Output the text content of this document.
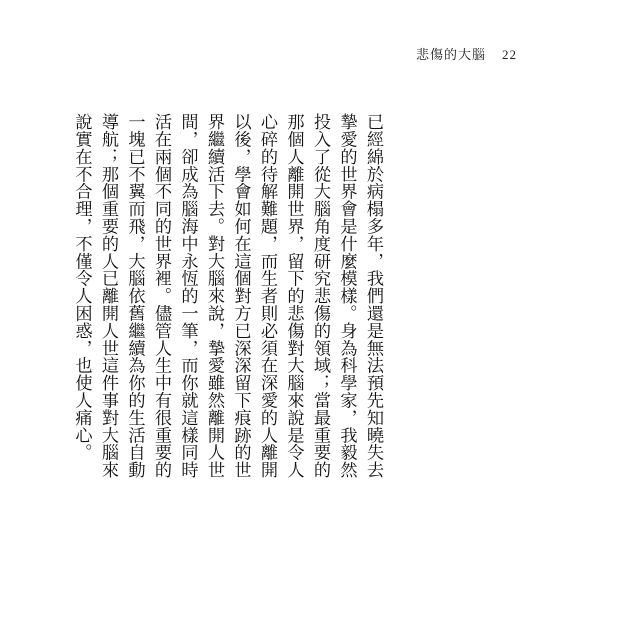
悲傷的大腦 22

已經綿於病榻多年，我們還是無法預先知曉失去摯愛的世界會是什麼模樣。身為科學家，我毅然投入了從大腦角度研究悲傷的領域；當最重要的那個人離開世界，留下的悲傷對大腦來說是令人心碎的待解難題，而生者則必須在深愛的人離開以後，學會如何在這個對方已深深留下痕跡的世界繼續活下去。對大腦來說，摯愛雖然離開人世間，卻成為腦海中永恆的一筆，而你就這樣同時活在兩個不同的世界裡。儘管人生中有很重要的一塊已不翼而飛，大腦依舊繼續為你的生活自動導航；那個重要的人已離開人世這件事對大腦來說實在不合理，不僅令人困惑，也使人痛心。
